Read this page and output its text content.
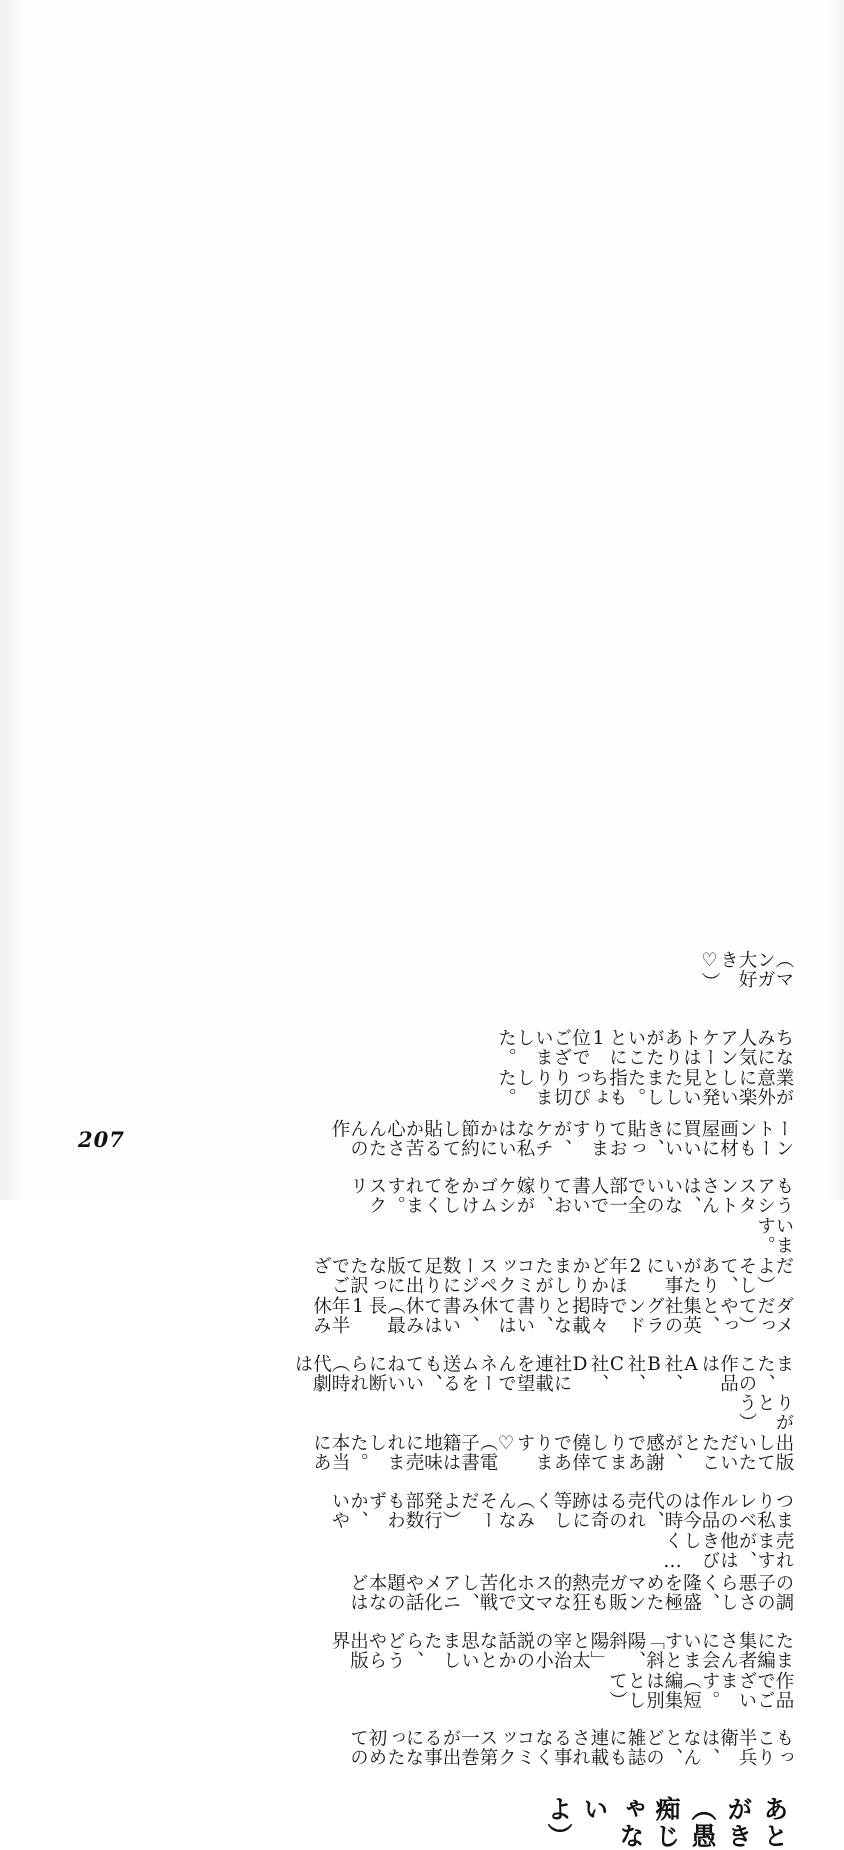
（マンガ大好き♡）
ちなみに人気アンケートはありがたいことに1位でございました。
業が意外に楽しいと発見いたしました。　指もちょっぴり切りました。
ーントーンも画材屋に買いにいき、貼っておりますが、ケチな私はいかに節約して貼るか苦心さんたんの作
もうアシスタントさんは、いないので全部一人で書いており、嫁がケシゴムかけをしてくれます。スクリ
います。
だよ）そして、ありがたい事に2年ほどかかりましたがコミックスページ数に足りて出版になった訳でござ
ダメだって）やっと、集英社のグランドで時々掲載となり、書いては休み、書いては休み（最長1年半休み
また、この作品はA社、B社、C社、D社に連載を望んでネームを送るも、ていねいに断られ（時代劇は
りがとう）
出版していただいたことが、感謝でありまして僥倖であります♡（電子書籍は地味に売れました。本当にあ
つまり私レベルの作品は今の時代、売れるのは奇跡に等しく（みんなそーだよ）発行部数もわずか、いや
売れますが、他はきびしく…
の調子の悪さらしく、隆盛を極めたマンガ販売も熱狂的なスマホ文化で苦戦し、アニメ化や話題の本などは
たまに編集者さんに会いますと「斜陽、斜陽」と太宰治の小説の話かなと思いましたら、どうやら出版界
作品でございます。（短編集は別として）
もっこり半兵衛は、なんと、どの雑誌にも連載される事なくコミックス第一巻が出る事になった初めての
あとがき（愚痴じゃないよ）
207
